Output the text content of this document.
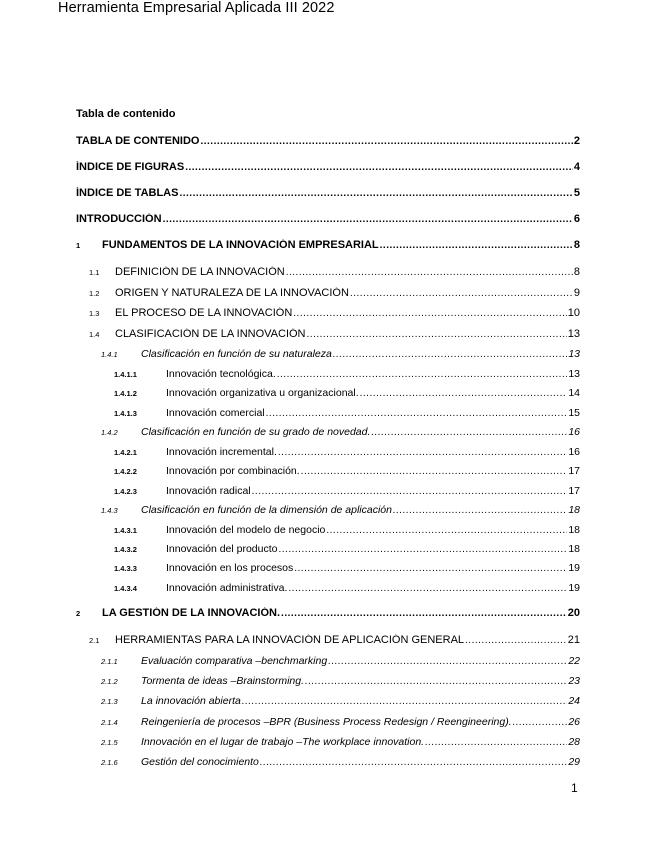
Herramienta Empresarial Aplicada III 2022
Tabla de contenido
TABLA DE CONTENIDO .....	2
ÍNDICE DE FIGURAS .....	4
ÍNDICE DE TABLAS .....	5
INTRODUCCIÓN .....	6
1	FUNDAMENTOS DE LA INNOVACIÓN EMPRESARIAL .....	8
1.1	DEFINICIÓN DE LA INNOVACIÓN .....	8
1.2	ORIGEN Y NATURALEZA DE LA INNOVACIÓN .....	9
1.3	EL PROCESO DE LA INNOVACIÓN .....	10
1.4	CLASIFICACIÓN DE LA INNOVACIÓN .....	13
1.4.1	Clasificación en función de su naturaleza .....	13
1.4.1.1	Innovación tecnológica. .....	13
1.4.1.2	Innovación organizativa u organizacional. .....	14
1.4.1.3	Innovación comercial .....	15
1.4.2	Clasificación en función de su grado de novedad. .....	16
1.4.2.1	Innovación incremental. .....	16
1.4.2.2	Innovación por combinación. .....	17
1.4.2.3	Innovación radical .....	17
1.4.3	Clasificación en función de la dimensión de aplicación .....	18
1.4.3.1	Innovación del modelo de negocio .....	18
1.4.3.2	Innovación del producto .....	18
1.4.3.3	Innovación en los procesos .....	19
1.4.3.4	Innovación administrativa. .....	19
2	LA GESTIÓN DE LA INNOVACIÓN. .....	20
2.1	HERRAMIENTAS PARA LA INNOVACIÓN DE APLICACIÓN GENERAL .....	21
2.1.1	Evaluación comparativa –benchmarking .....	22
2.1.2	Tormenta de ideas –Brainstorming. .....	23
2.1.3	La innovación abierta .....	24
2.1.4	Reingeniería de procesos –BPR (Business Process Redesign / Reengineering). .....	26
2.1.5	Innovación en el lugar de trabajo –The workplace innovation. .....	28
2.1.6	Gestión del conocimiento .....	29
1
